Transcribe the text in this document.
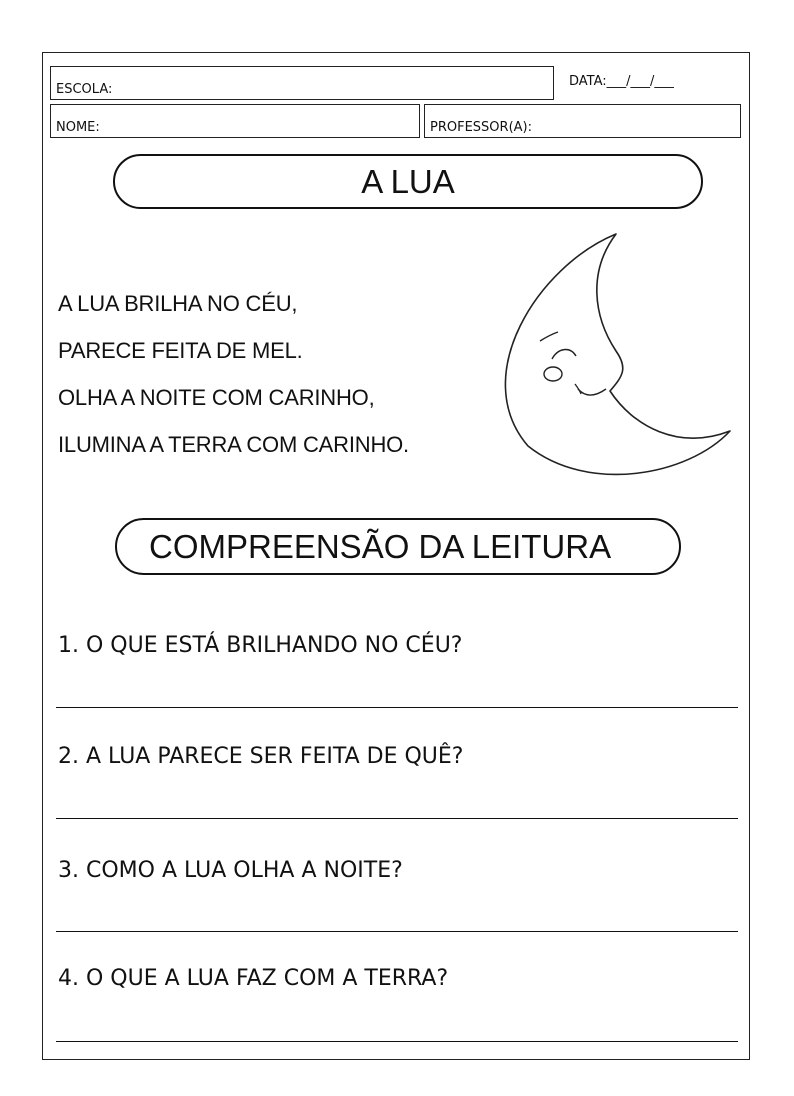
ESCOLA:
DATA:___/___/___
NOME:	PROFESSOR(A):
A LUA
A LUA BRILHA NO CÉU,
PARECE FEITA DE MEL.
OLHA A NOITE COM CARINHO,
ILUMINA A TERRA COM CARINHO.
COMPREENSÃO DA LEITURA
1. O QUE ESTÁ BRILHANDO NO CÉU?
2. A LUA PARECE SER FEITA DE QUÊ?
3. COMO A LUA OLHA A NOITE?
4. O QUE A LUA FAZ COM A TERRA?
